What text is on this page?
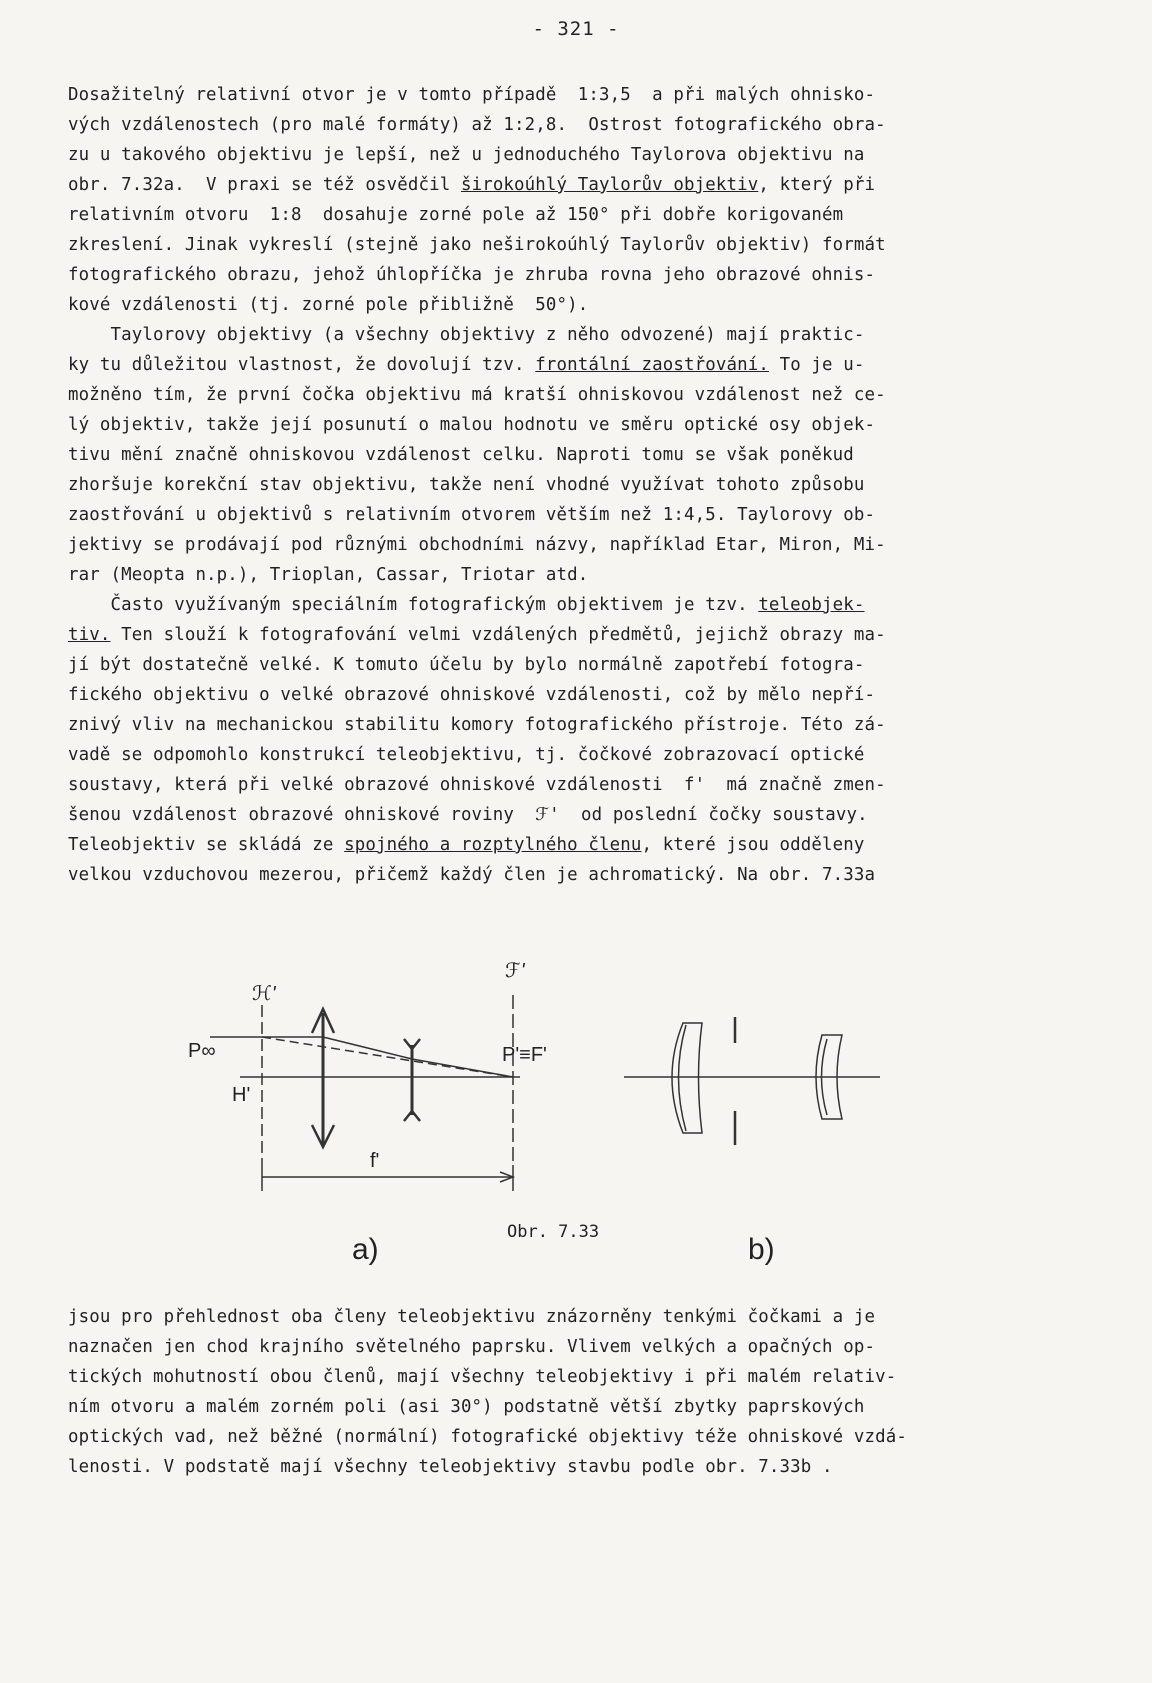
- 321 -
Dosažitelný relativní otvor je v tomto případě  1:3,5  a při malých ohnisko-
vých vzdálenostech (pro malé formáty) až 1:2,8.  Ostrost fotografického obra-
zu u takového objektivu je lepší, než u jednoduchého Taylorova objektivu na
obr. 7.32a.  V praxi se též osvědčil širokoúhlý Taylorův objektiv, který při
relativním otvoru  1:8  dosahuje zorné pole až 150° při dobře korigovaném
zkreslení. Jinak vykreslí (stejně jako neširokoúhlý Taylorův objektiv) formát
fotografického obrazu, jehož úhlopříčka je zhruba rovna jeho obrazové ohnis-
kové vzdálenosti (tj. zorné pole přibližně  50°).
Taylorovy objektivy (a všechny objektivy z něho odvozené) mají praktic-
ky tu důležitou vlastnost, že dovolují tzv. frontální zaostřování. To je u-
možněno tím, že první čočka objektivu má kratší ohniskovou vzdálenost než ce-
lý objektiv, takže její posunutí o malou hodnotu ve směru optické osy objek-
tivu mění značně ohniskovou vzdálenost celku. Naproti tomu se však poněkud
zhoršuje korekční stav objektivu, takže není vhodné využívat tohoto způsobu
zaostřování u objektivů s relativním otvorem větším než 1:4,5. Taylorovy ob-
jektivy se prodávají pod různými obchodními názvy, například Etar, Miron, Mi-
rar (Meopta n.p.), Trioplan, Cassar, Triotar atd.
Často využívaným speciálním fotografickým objektivem je tzv. teleobjek-
tiv. Ten slouží k fotografování velmi vzdálených předmětů, jejichž obrazy ma-
jí být dostatečně velké. K tomuto účelu by bylo normálně zapotřebí fotogra-
fického objektivu o velké obrazové ohniskové vzdálenosti, což by mělo nepří-
znivý vliv na mechanickou stabilitu komory fotografického přístroje. Této zá-
vadě se odpomohlo konstrukcí teleobjektivu, tj. čočkové zobrazovací optické
soustavy, která při velké obrazové ohniskové vzdálenosti  f'  má značně zmen-
šenou vzdálenost obrazové ohniskové roviny  ℱ'  od poslední čočky soustavy.
Teleobjektiv se skládá ze spojného a rozptylného členu, které jsou odděleny
velkou vzduchovou mezerou, přičemž každý člen je achromatický. Na obr. 7.33a
ℋ'
ℱ'
P∞
H'
P'≡F'
f'
a)
Obr. 7.33
b)
jsou pro přehlednost oba členy teleobjektivu znázorněny tenkými čočkami a je
naznačen jen chod krajního světelného paprsku. Vlivem velkých a opačných op-
tických mohutností obou členů, mají všechny teleobjektivy i při malém relativ-
ním otvoru a malém zorném poli (asi 30°) podstatně větší zbytky paprskových
optických vad, než běžné (normální) fotografické objektivy téže ohniskové vzdá-
lenosti. V podstatě mají všechny teleobjektivy stavbu podle obr. 7.33b .
